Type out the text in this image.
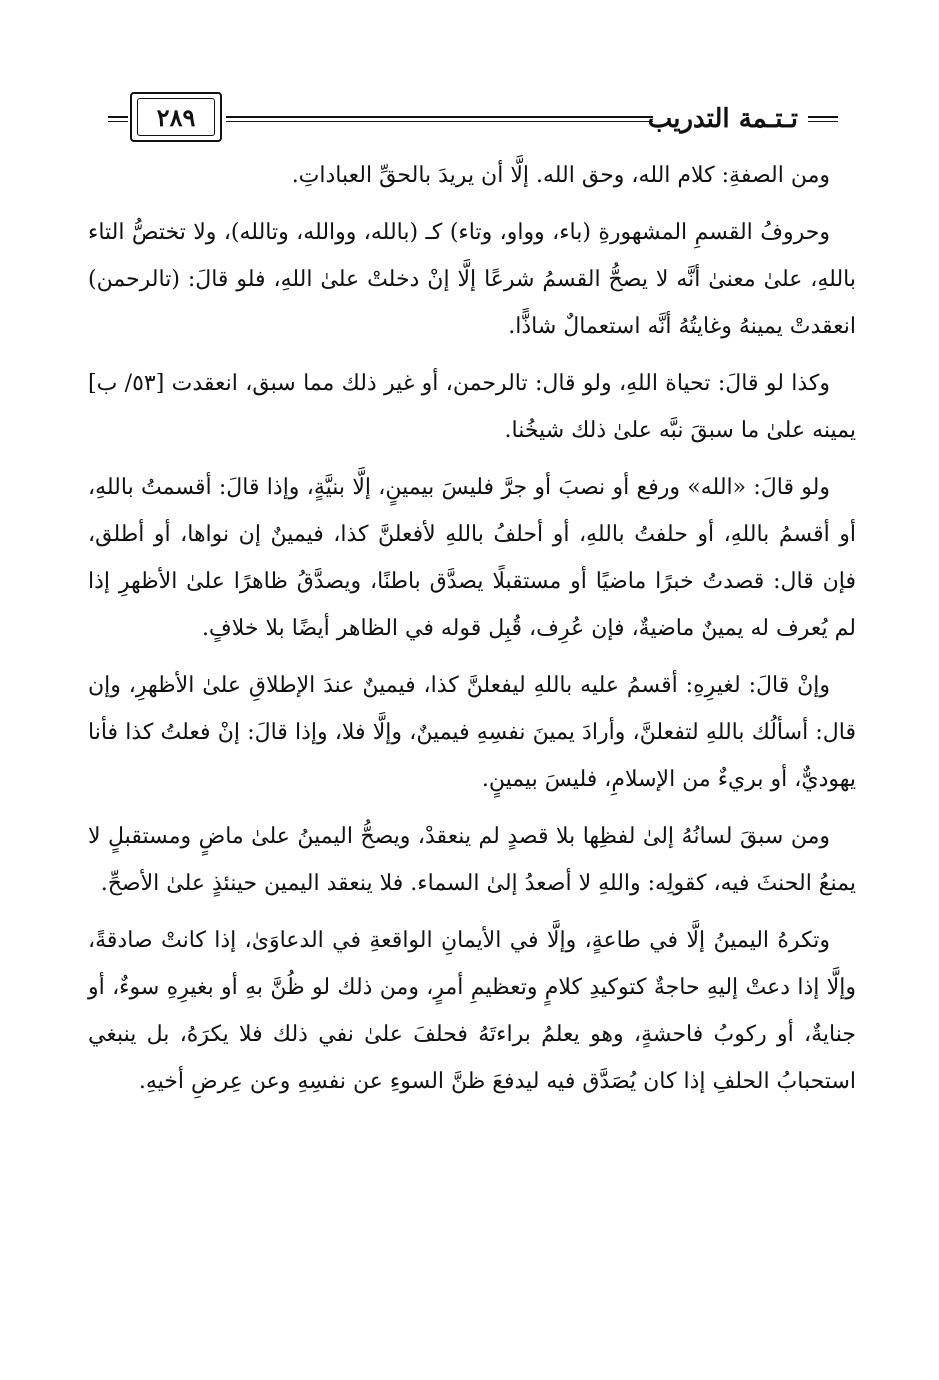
تـتـمة التدريب
٢٨٩

ومن الصفةِ: كلام الله، وحق الله. إلَّا أن يريدَ بالحقِّ العباداتِ.

وحروفُ القسمِ المشهورةِ (باء، وواو، وتاء) كـ (بالله، ووالله، وتالله)، ولا تختصُّ التاء باللهِ، علىٰ معنىٰ أنَّه لا يصحُّ القسمُ شرعًا إلَّا إنْ دخلتْ علىٰ اللهِ، فلو قالَ: (تالرحمن) انعقدتْ يمينهُ وغايتُهُ أنَّه استعمالٌ شاذًّا.

وكذا لو قالَ: تحياة اللهِ، ولو قال: تالرحمن، أو غير ذلك مما سبق، انعقدت [٥٣/ ب] يمينه علىٰ ما سبقَ نبَّه علىٰ ذلك شيخُنا.

ولو قالَ: «الله» ورفع أو نصبَ أو جرَّ فليسَ بيمينٍ، إلَّا بنيَّةٍ، وإذا قالَ: أقسمتُ باللهِ، أو أقسمُ باللهِ، أو حلفتُ باللهِ، أو أحلفُ باللهِ لأفعلنَّ كذا، فيمينٌ إن نواها، أو أطلق، فإن قال: قصدتُ خبرًا ماضيًا أو مستقبلًا يصدَّق باطنًا، ويصدَّقُ ظاهرًا علىٰ الأظهرِ إذا لم يُعرف له يمينٌ ماضيةٌ، فإن عُرِف، قُبِل قوله في الظاهر أيضًا بلا خلافٍ.

وإنْ قالَ: لغيرِهِ: أقسمُ عليه باللهِ ليفعلنَّ كذا، فيمينٌ عندَ الإطلاقِ علىٰ الأظهرِ، وإن قال: أسألُك باللهِ لتفعلنَّ، وأرادَ يمينَ نفسِهِ فيمينٌ، وإلَّا فلا، وإذا قالَ: إنْ فعلتُ كذا فأنا يهوديٌّ، أو بريءٌ من الإسلامِ، فليسَ بيمينٍ.

ومن سبقَ لسانُهُ إلىٰ لفظِها بلا قصدٍ لم ينعقدْ، ويصحُّ اليمينُ علىٰ ماضٍ ومستقبلٍ لا يمنعُ الحنثَ فيه، كقولِه: واللهِ لا أصعدُ إلىٰ السماء. فلا ينعقد اليمين حينئذٍ علىٰ الأصحِّ.

وتكرهُ اليمينُ إلَّا في طاعةٍ، وإلَّا في الأيمانِ الواقعةِ في الدعاوَىٰ، إذا كانتْ صادقةً، وإلَّا إذا دعتْ إليهِ حاجةٌ كتوكيدِ كلامٍ وتعظيمِ أمرٍ، ومن ذلك لو ظُنَّ بهِ أو بغيرِهِ سوءٌ، أو جنايةٌ، أو ركوبُ فاحشةٍ، وهو يعلمُ براءتَهُ فحلفَ علىٰ نفي ذلك فلا يكرَهُ، بل ينبغي استحبابُ الحلفِ إذا كان يُصَدَّق فيه ليدفعَ ظنَّ السوءِ عن نفسِهِ وعن عِرضِ أخيهِ.
